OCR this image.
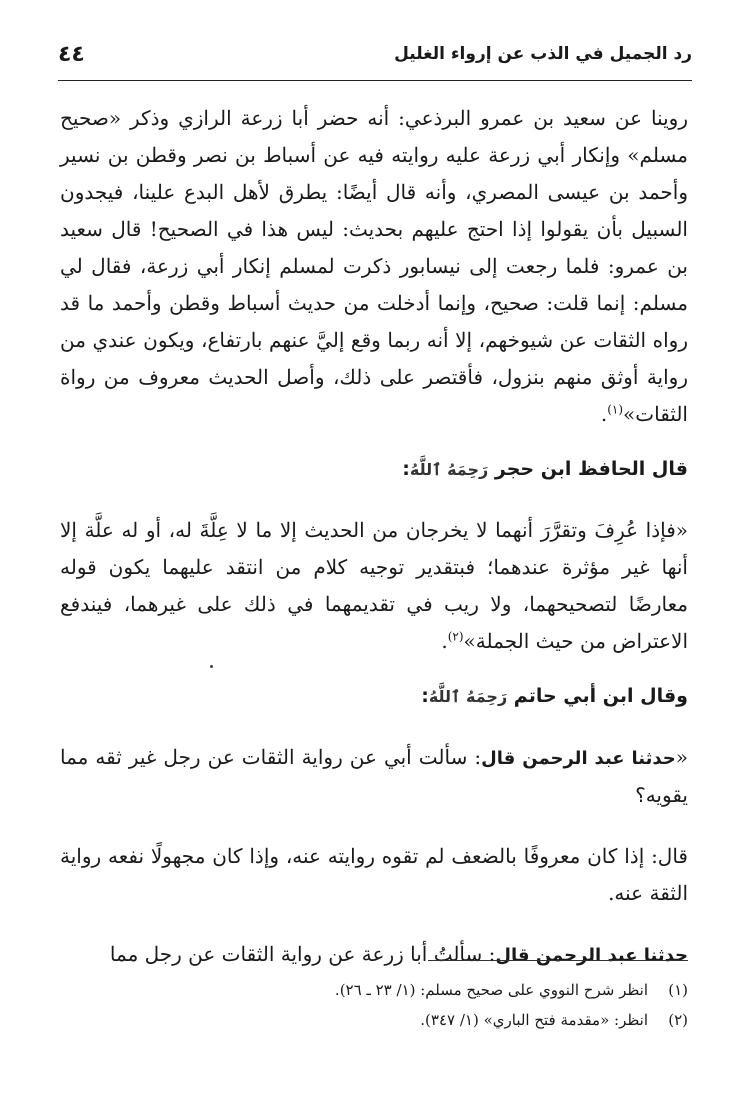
رد الجميل في الذب عن إرواء الغليل
٤٤

روينا عن سعيد بن عمرو البرذعي: أنه حضر أبا زرعة الرازي وذكر «صحيح مسلم» وإنكار أبي زرعة عليه روايته فيه عن أسباط بن نصر وقطن بن نسير وأحمد بن عيسى المصري، وأنه قال أيضًا: يطرق لأهل البدع علينا، فيجدون السبيل بأن يقولوا إذا احتج عليهم بحديث: ليس هذا في الصحيح! قال سعيد بن عمرو: فلما رجعت إلى نيسابور ذكرت لمسلم إنكار أبي زرعة، فقال لي مسلم: إنما قلت: صحيح، وإنما أدخلت من حديث أسباط وقطن وأحمد ما قد رواه الثقات عن شيوخهم، إلا أنه ربما وقع إليَّ عنهم بارتفاع، ويكون عندي من رواية أوثق منهم بنزول، فأقتصر على ذلك، وأصل الحديث معروف من رواة الثقات»$^{(١)}$.

قال الحافظ ابن حجر رَحِمَهُ ٱللَّهُ:

«فإذا عُرِفَ وتقرَّرَ أنهما لا يخرجان من الحديث إلا ما لا عِلَّةَ له، أو له علَّة إلا أنها غير مؤثرة عندهما؛ فبتقدير توجيه كلام من انتقد عليهما يكون قوله معارضًا لتصحيحهما، ولا ريب في تقديمهما في ذلك على غيرهما، فيندفع الاعتراض من حيث الجملة»$^{(٢)}$.

وقال ابن أبي حاتم رَحِمَهُ ٱللَّهُ:

«حدثنا عبد الرحمن قال: سألت أبي عن رواية الثقات عن رجل غير ثقه مما يقويه؟

قال: إذا كان معروفًا بالضعف لم تقوه روايته عنه، وإذا كان مجهولًا نفعه رواية الثقة عنه.

حدثنا عبد الرحمن قال: سألتُ أبا زرعة عن رواية الثقات عن رجل مما

(١)
انظر شرح النووي على صحيح مسلم: (١/ ٢٣ ـ ٢٦).
(٢)
انظر: «مقدمة فتح الباري» (١/ ٣٤٧).
